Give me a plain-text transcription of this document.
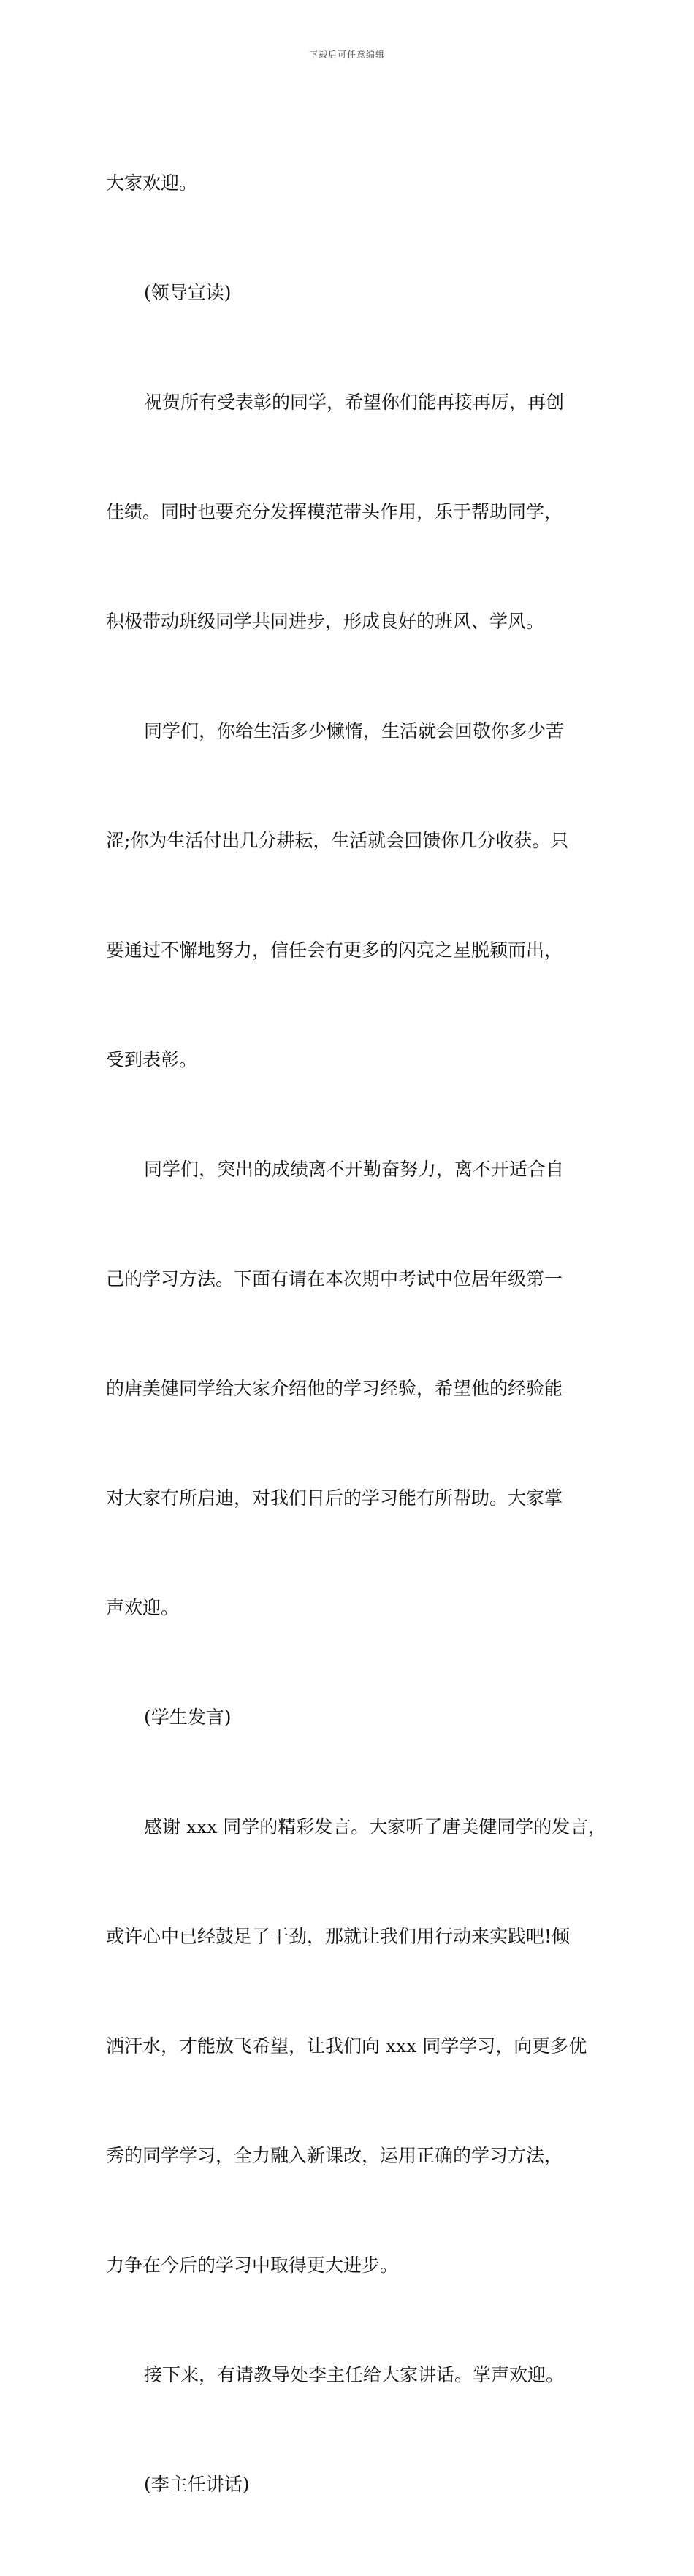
下载后可任意编辑

大家欢迎。

(领导宣读)

祝贺所有受表彰的同学，希望你们能再接再厉，再创

佳绩。同时也要充分发挥模范带头作用，乐于帮助同学，

积极带动班级同学共同进步，形成良好的班风、学风。

同学们，你给生活多少懒惰，生活就会回敬你多少苦

涩;你为生活付出几分耕耘，生活就会回馈你几分收获。只

要通过不懈地努力，信任会有更多的闪亮之星脱颖而出，

受到表彰。

同学们，突出的成绩离不开勤奋努力，离不开适合自

己的学习方法。下面有请在本次期中考试中位居年级第一

的唐美健同学给大家介绍他的学习经验，希望他的经验能

对大家有所启迪，对我们日后的学习能有所帮助。大家掌

声欢迎。

(学生发言)

感谢 xxx 同学的精彩发言。大家听了唐美健同学的发言，

或许心中已经鼓足了干劲，那就让我们用行动来实践吧!倾

洒汗水，才能放飞希望，让我们向 xxx 同学学习，向更多优

秀的同学学习，全力融入新课改，运用正确的学习方法，

力争在今后的学习中取得更大进步。

接下来，有请教导处李主任给大家讲话。掌声欢迎。

(李主任讲话)
